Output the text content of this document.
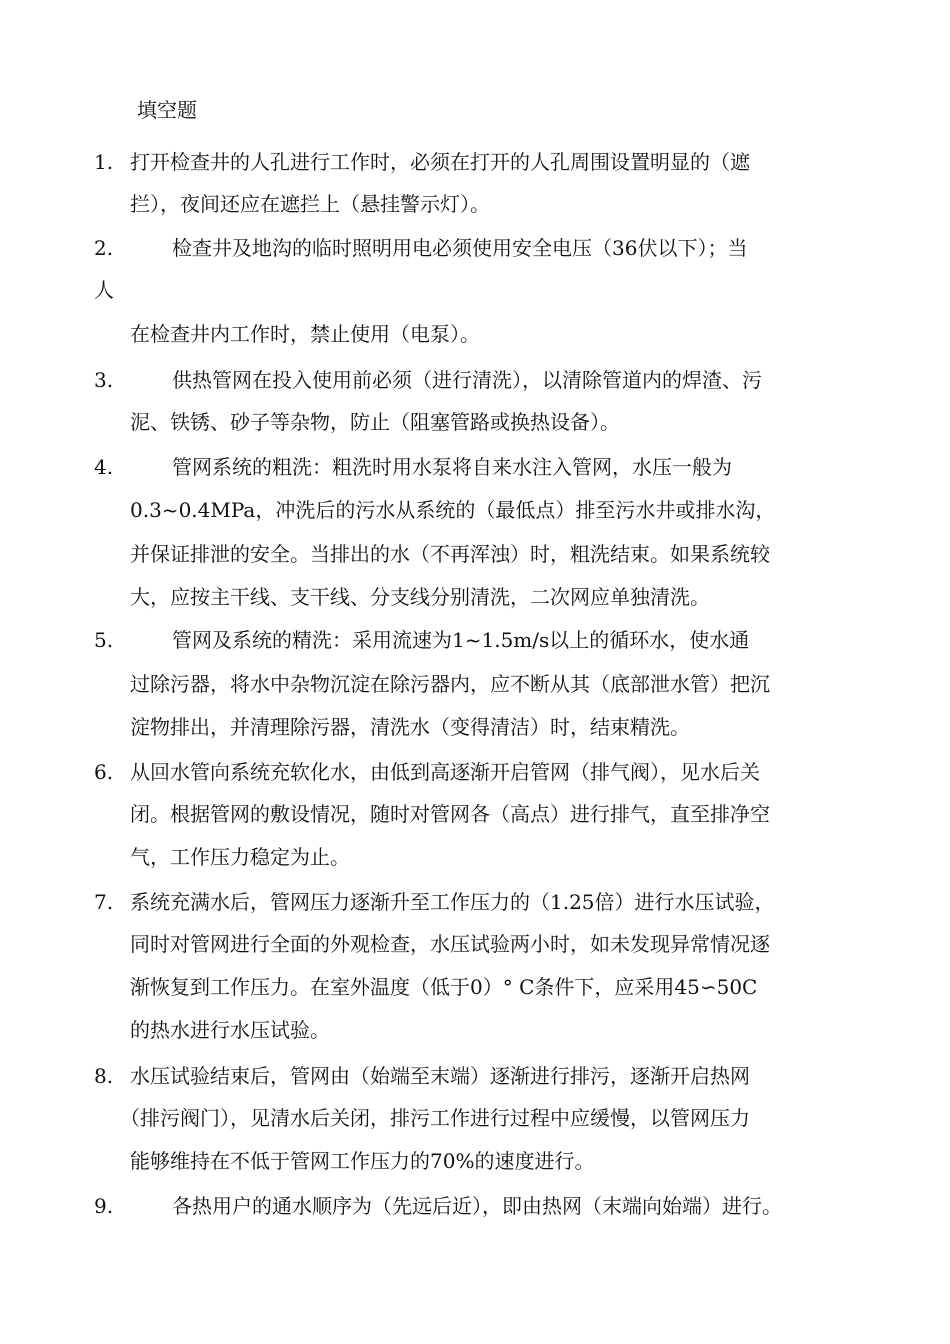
填空题
1. 打开检查井的人孔进行工作时，必须在打开的人孔周围设置明显的（遮
拦），夜间还应在遮拦上（悬挂警示灯）。
2.	检查井及地沟的临时照明用电必须使用安全电压（36伏以下）；当
人
在检查井内工作时，禁止使用（电泵）。
3.	供热管网在投入使用前必须（进行清洗），以清除管道内的焊渣、污
泥、铁锈、砂子等杂物，防止（阻塞管路或换热设备）。
4.	管网系统的粗洗：粗洗时用水泵将自来水注入管网，水压一般为
0.3~0.4MPa，冲洗后的污水从系统的（最低点）排至污水井或排水沟，
并保证排泄的安全。当排出的水（不再浑浊）时，粗洗结束。如果系统较
大，应按主干线、支干线、分支线分别清洗，二次网应单独清洗。
5.	管网及系统的精洗：采用流速为1~1.5m/s以上的循环水，使水通
过除污器，将水中杂物沉淀在除污器内，应不断从其（底部泄水管）把沉
淀物排出，并清理除污器，清洗水（变得清洁）时，结束精洗。
6. 从回水管向系统充软化水，由低到高逐渐开启管网（排气阀），见水后关
闭。根据管网的敷设情况，随时对管网各（高点）进行排气，直至排净空
气，工作压力稳定为止。
7. 系统充满水后，管网压力逐渐升至工作压力的（1.25倍）进行水压试验，
同时对管网进行全面的外观检查，水压试验两小时，如未发现异常情况逐
渐恢复到工作压力。在室外温度（低于0）° C条件下，应采用45∽50C
的热水进行水压试验。
8. 水压试验结束后，管网由（始端至末端）逐渐进行排污，逐渐开启热网
（排污阀门），见清水后关闭，排污工作进行过程中应缓慢，以管网压力
能够维持在不低于管网工作压力的70%的速度进行。
9.	各热用户的通水顺序为（先远后近），即由热网（末端向始端）进行。
